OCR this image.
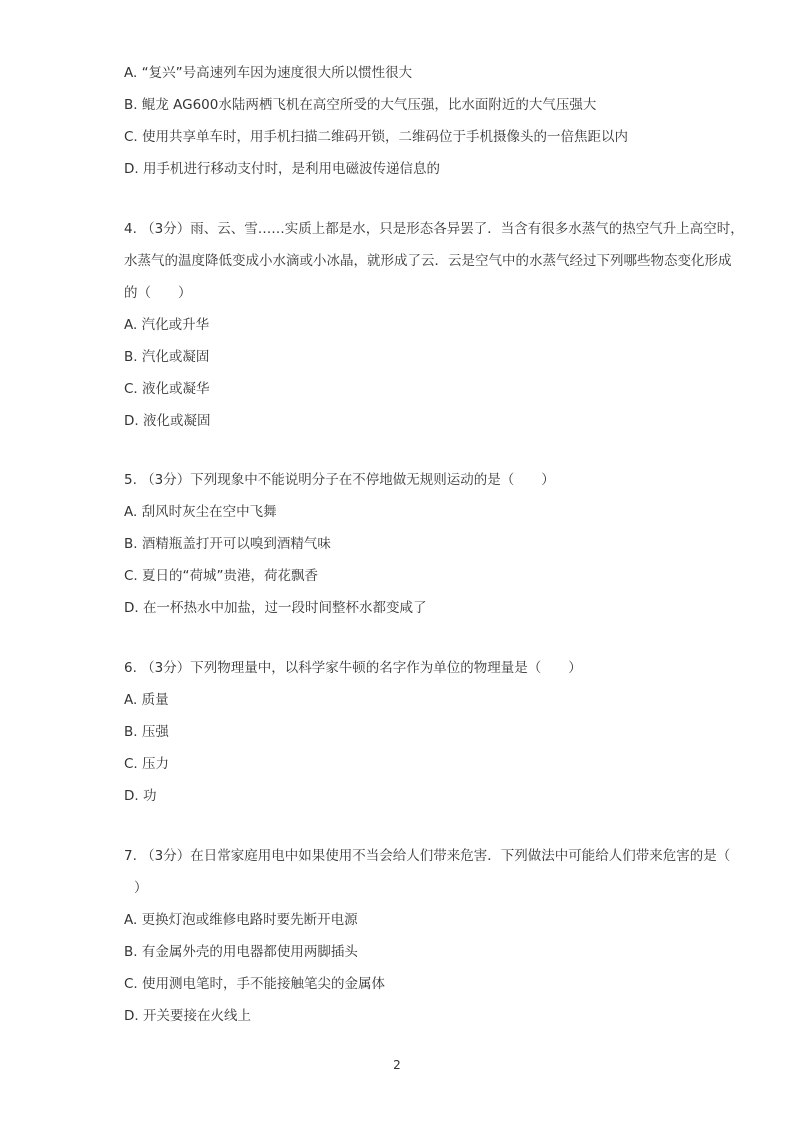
A. “复兴”号高速列车因为速度很大所以惯性很大
B. 鲲龙 AG600水陆两栖飞机在高空所受的大气压强，比水面附近的大气压强大
C. 使用共享单车时，用手机扫描二维码开锁，二维码位于手机摄像头的一倍焦距以内
D. 用手机进行移动支付时，是利用电磁波传递信息的
4. （3分）雨、云、雪……实质上都是水，只是形态各异罢了．当含有很多水蒸气的热空气升上高空时，
水蒸气的温度降低变成小水滴或小冰晶，就形成了云．云是空气中的水蒸气经过下列哪些物态变化形成
的（　　）
A. 汽化或升华
B. 汽化或凝固
C. 液化或凝华
D. 液化或凝固
5. （3分）下列现象中不能说明分子在不停地做无规则运动的是（　　）
A. 刮风时灰尘在空中飞舞
B. 酒精瓶盖打开可以嗅到酒精气味
C. 夏日的“荷城”贵港，荷花飘香
D. 在一杯热水中加盐，过一段时间整杯水都变咸了
6. （3分）下列物理量中，以科学家牛顿的名字作为单位的物理量是（　　）
A. 质量
B. 压强
C. 压力
D. 功
7. （3分）在日常家庭用电中如果使用不当会给人们带来危害．下列做法中可能给人们带来危害的是（
）
A. 更换灯泡或维修电路时要先断开电源
B. 有金属外壳的用电器都使用两脚插头
C. 使用测电笔时，手不能接触笔尖的金属体
D. 开关要接在火线上
2
